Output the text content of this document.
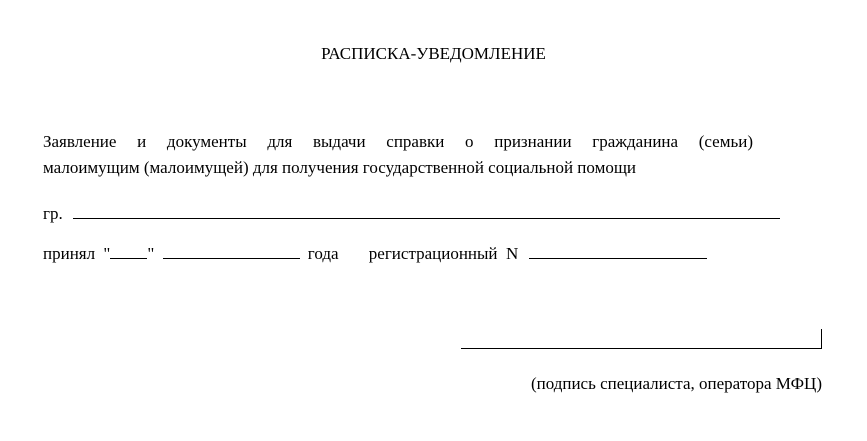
РАСПИСКА-УВЕДОМЛЕНИЕ
Заявление и документы для выдачи справки о признании гражданина (семьи)
малоимущим (малоимущей) для получения государственной социальной помощи
гр.
принял " "	года регистрационный  N
(подпись специалиста, оператора МФЦ)
